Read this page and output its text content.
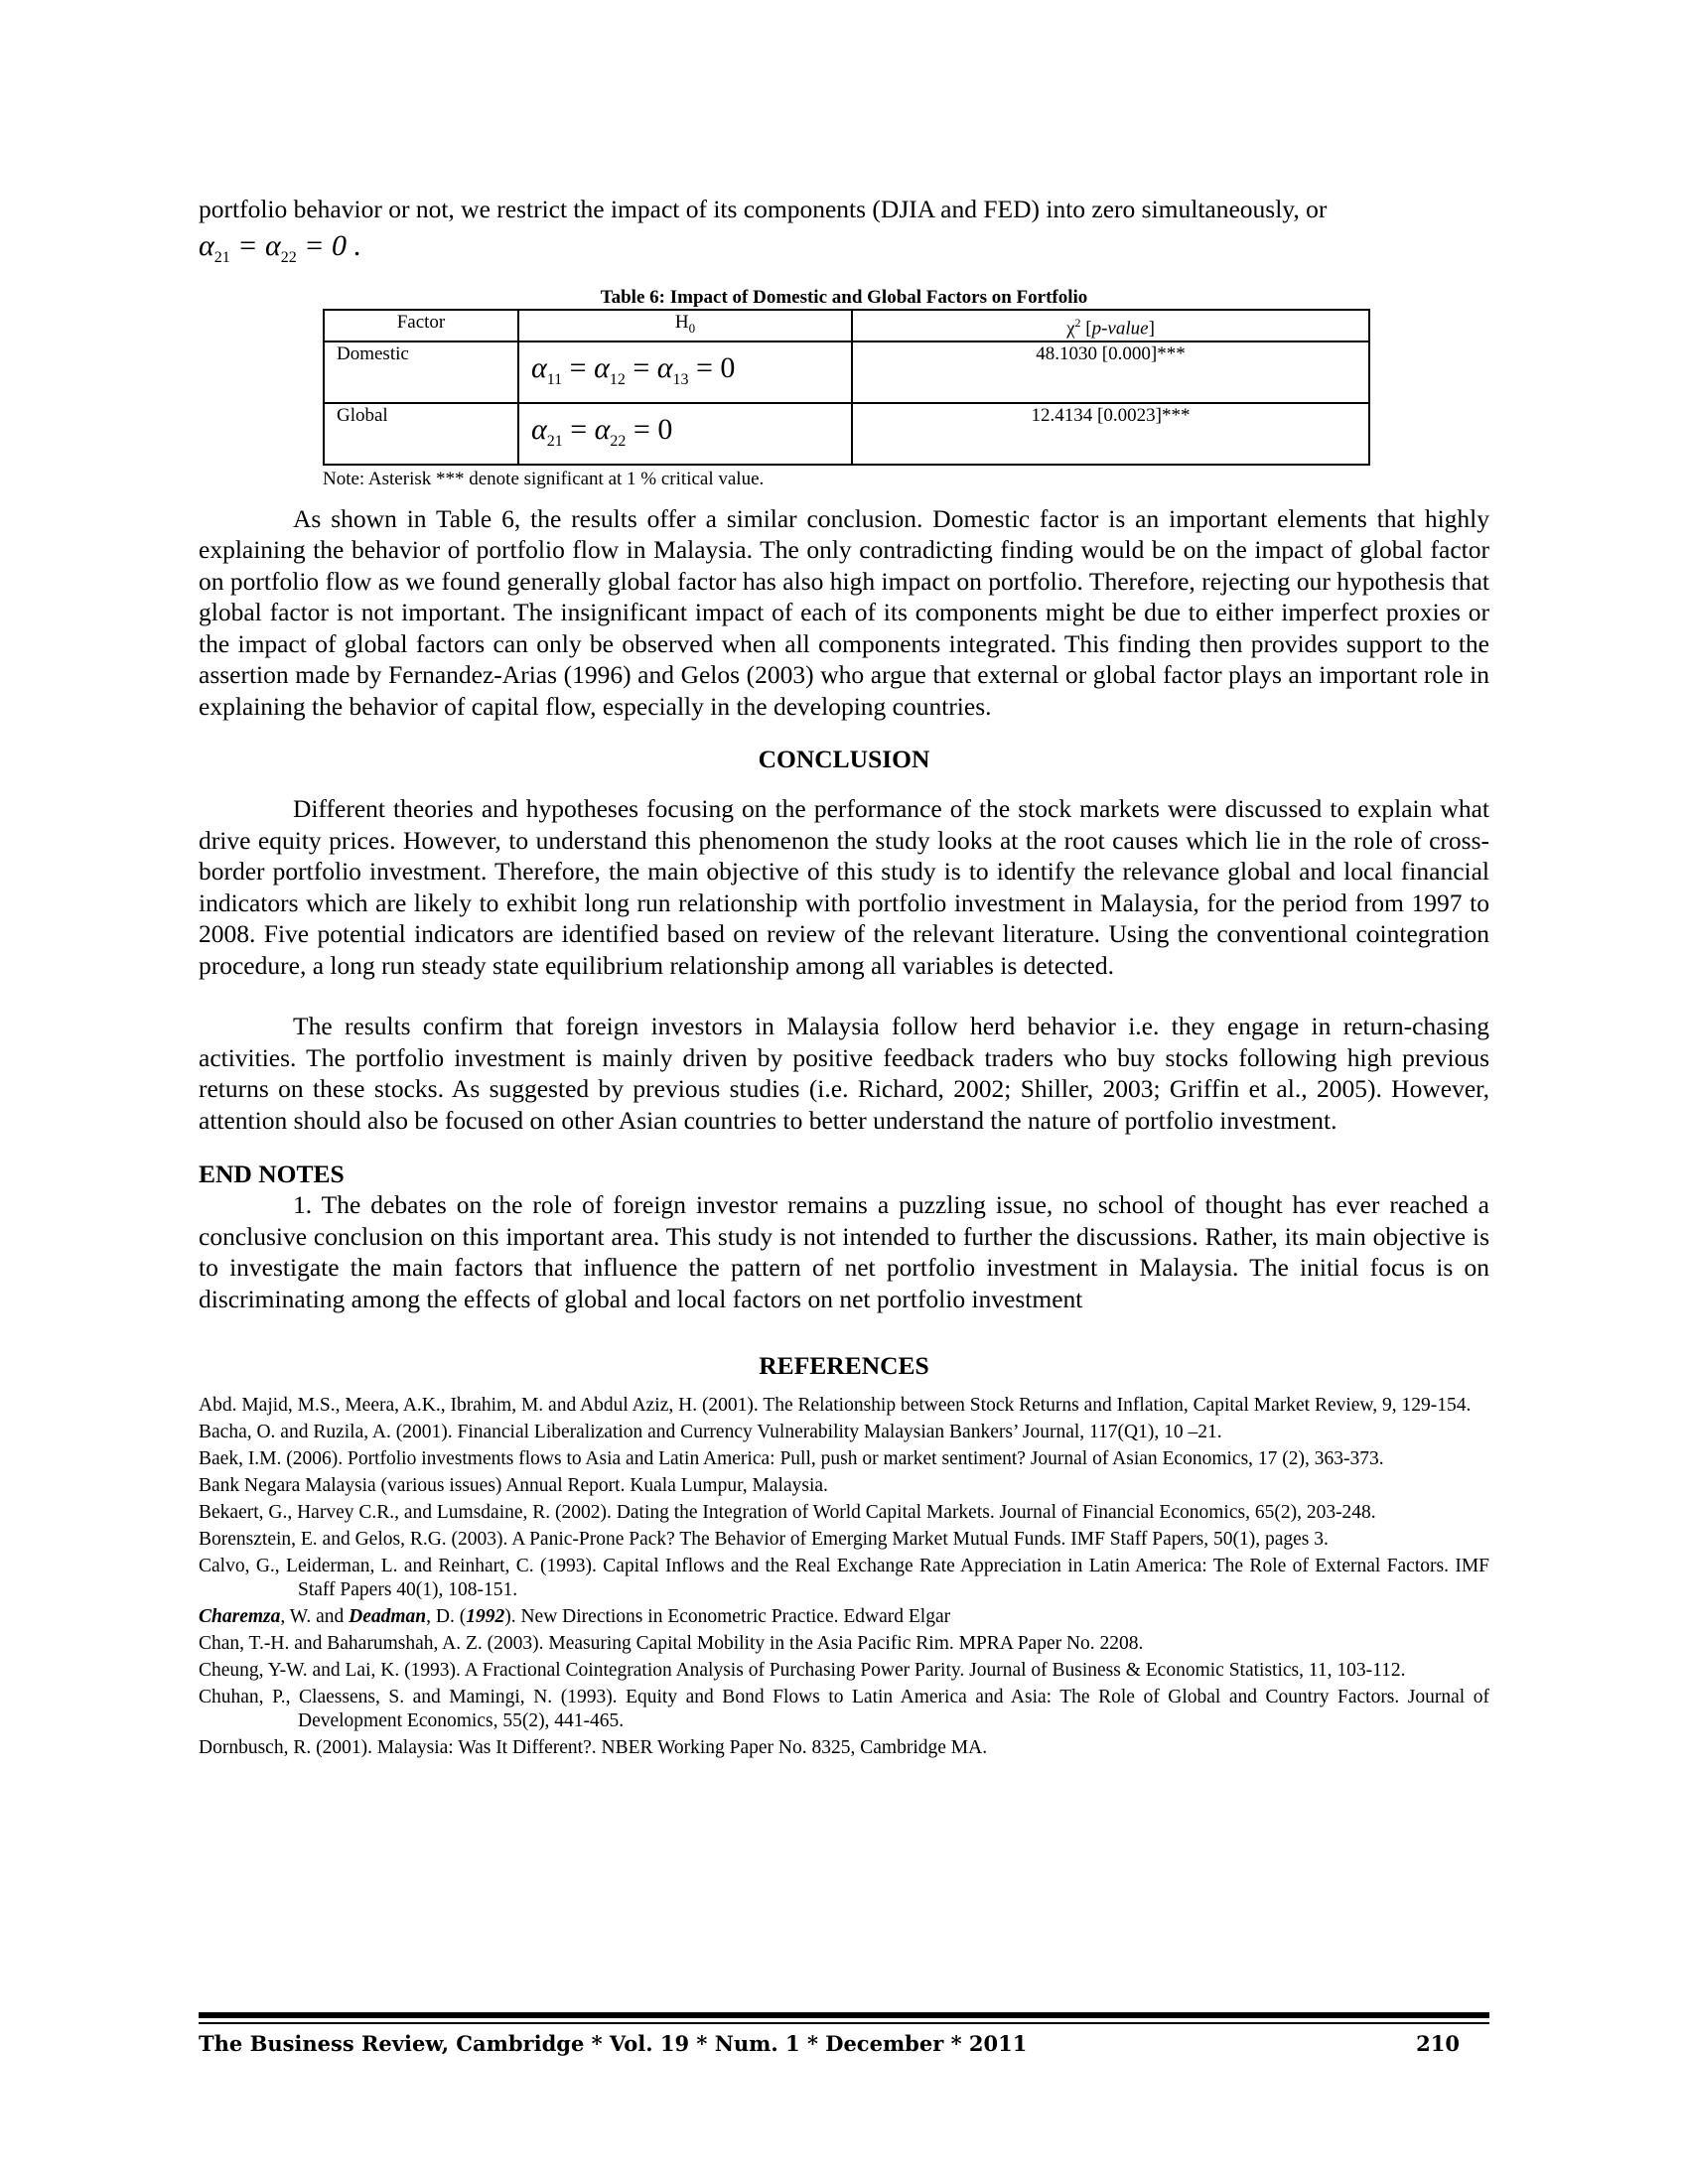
portfolio behavior or not, we restrict the impact of its components (DJIA and FED) into zero simultaneously, or

$\alpha_{21} = \alpha_{22} = 0$ .
Table 6: Impact of Domestic and Global Factors on Fortfolio
Factor	$H_0$	$\chi^2$ [p-value]
Domestic	$\alpha_{11} = \alpha_{12} = \alpha_{13} = 0$	48.1030 [0.000]***
Global	$\alpha_{21} = \alpha_{22} = 0$	12.4134 [0.0023]***
Note: Asterisk *** denote significant at 1 % critical value.

As shown in Table 6, the results offer a similar conclusion. Domestic factor is an important elements that highly explaining the behavior of portfolio flow in Malaysia. The only contradicting finding would be on the impact of global factor on portfolio flow as we found generally global factor has also high impact on portfolio. Therefore, rejecting our hypothesis that global factor is not important. The insignificant impact of each of its components might be due to either imperfect proxies or the impact of global factors can only be observed when all components integrated. This finding then provides support to the assertion made by Fernandez-Arias (1996) and Gelos (2003) who argue that external or global factor plays an important role in explaining the behavior of capital flow, especially in the developing countries.

CONCLUSION

Different theories and hypotheses focusing on the performance of the stock markets were discussed to explain what drive equity prices. However, to understand this phenomenon the study looks at the root causes which lie in the role of cross-border portfolio investment. Therefore, the main objective of this study is to identify the relevance global and local financial indicators which are likely to exhibit long run relationship with portfolio investment in Malaysia, for the period from 1997 to 2008. Five potential indicators are identified based on review of the relevant literature. Using the conventional cointegration procedure, a long run steady state equilibrium relationship among all variables is detected.

The results confirm that foreign investors in Malaysia follow herd behavior i.e. they engage in return-chasing activities. The portfolio investment is mainly driven by positive feedback traders who buy stocks following high previous returns on these stocks. As suggested by previous studies (i.e. Richard, 2002; Shiller, 2003; Griffin et al., 2005). However, attention should also be focused on other Asian countries to better understand the nature of portfolio investment.

END NOTES

1. The debates on the role of foreign investor remains a puzzling issue, no school of thought has ever reached a conclusive conclusion on this important area. This study is not intended to further the discussions. Rather, its main objective is to investigate the main factors that influence the pattern of net portfolio investment in Malaysia. The initial focus is on discriminating among the effects of global and local factors on net portfolio investment

REFERENCES
Abd. Majid, M.S., Meera, A.K., Ibrahim, M. and Abdul Aziz, H. (2001). The Relationship between Stock Returns and Inflation, Capital Market Review, 9, 129-154.
Bacha, O. and Ruzila, A. (2001). Financial Liberalization and Currency Vulnerability Malaysian Bankers’ Journal, 117(Q1), 10 –21.
Baek, I.M. (2006). Portfolio investments flows to Asia and Latin America: Pull, push or market sentiment? Journal of Asian Economics, 17 (2), 363-373.
Bank Negara Malaysia (various issues) Annual Report. Kuala Lumpur, Malaysia.
Bekaert, G., Harvey C.R., and Lumsdaine, R. (2002). Dating the Integration of World Capital Markets. Journal of Financial Economics, 65(2), 203-248.
Borensztein, E. and Gelos, R.G. (2003). A Panic-Prone Pack? The Behavior of Emerging Market Mutual Funds. IMF Staff Papers, 50(1), pages 3.
Calvo, G., Leiderman, L. and Reinhart, C. (1993). Capital Inflows and the Real Exchange Rate Appreciation in Latin America: The Role of External Factors. IMF Staff Papers 40(1), 108-151.
Charemza, W. and Deadman, D. (1992). New Directions in Econometric Practice. Edward Elgar
Chan, T.-H. and Baharumshah, A. Z. (2003). Measuring Capital Mobility in the Asia Pacific Rim. MPRA Paper No. 2208.
Cheung, Y-W. and Lai, K. (1993). A Fractional Cointegration Analysis of Purchasing Power Parity. Journal of Business & Economic Statistics, 11, 103-112.
Chuhan, P., Claessens, S. and Mamingi, N. (1993). Equity and Bond Flows to Latin America and Asia: The Role of Global and Country Factors. Journal of Development Economics, 55(2), 441-465.
Dornbusch, R. (2001). Malaysia: Was It Different?. NBER Working Paper No. 8325, Cambridge MA.
The Business Review, Cambridge * Vol. 19 * Num. 1 * December * 2011	210
